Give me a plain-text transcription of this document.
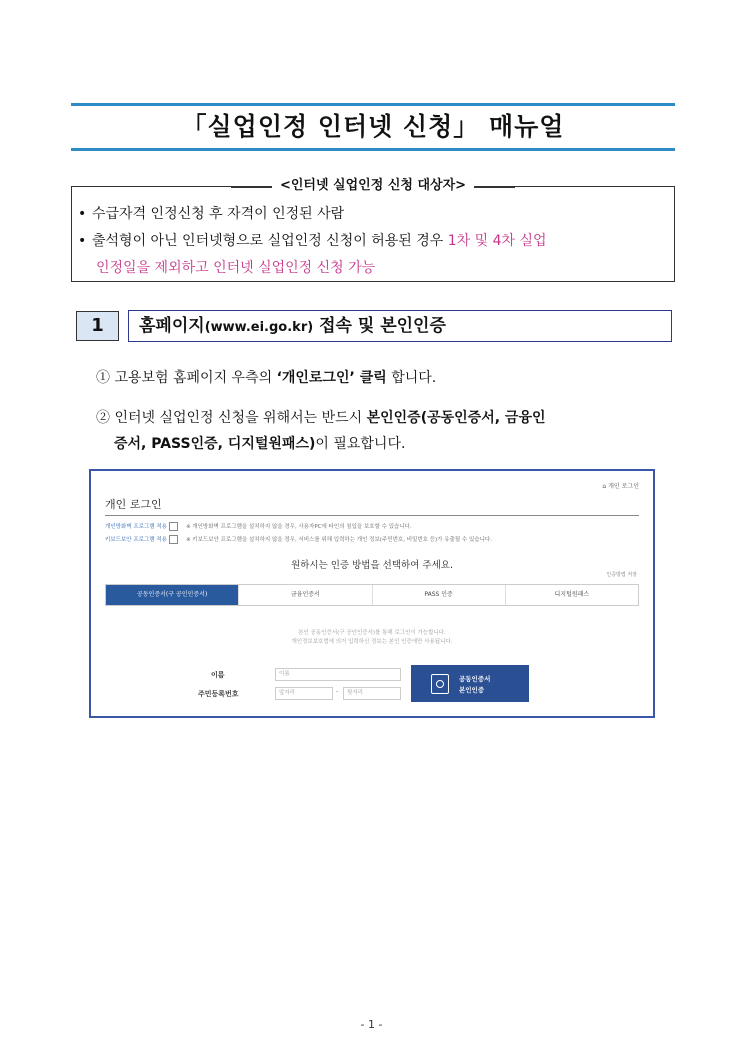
「실업인정 인터넷 신청」 매뉴얼
<인터넷 실업인정 신청 대상자>
• 수급자격 인정신청 후 자격이 인정된 사람
• 출석형이 아닌 인터넷형으로 실업인정 신청이 허용된 경우 1차 및 4차 실업
인정일을 제외하고 인터넷 실업인정 신청 가능
1	홈페이지(www.ei.go.kr) 접속 및 본인인증
① 고용보험 홈페이지 우측의 ‘개인로그인’ 클릭 합니다.
② 인터넷 실업인정 신청을 위해서는 반드시 본인인증(공동인증서, 금융인
증서, PASS인증, 디지털원패스)이 필요합니다.
⌂ 개인 로그인
개인 로그인
개인방화벽 프로그램 적용	※ 개인방화벽 프로그램을 설치하지 않을 경우, 사용자PC에 타인의 침입을 보호할 수 있습니다.
키보드보안 프로그램 적용	※ 키보드보안 프로그램을 설치하지 않을 경우, 서비스를 위해 입력하는 개인 정보(주민번호, 비밀번호 등)가 유출될 수 있습니다.
원하시는 인증 방법을 선택하여 주세요.
인증방법 저장
공동인증서(구 공인인증서)	금융인증서	PASS 인증	디지털원패스
본인 공동인증서(구 공인인증서)를 통해 로그인이 가능합니다.
개인정보보호법에 의거 입력하신 정보는 본인 인증에만 사용됩니다.
이름	이름
주민등록번호	앞자리	-	뒷자리
공동인증서
본인인증
- 1 -
